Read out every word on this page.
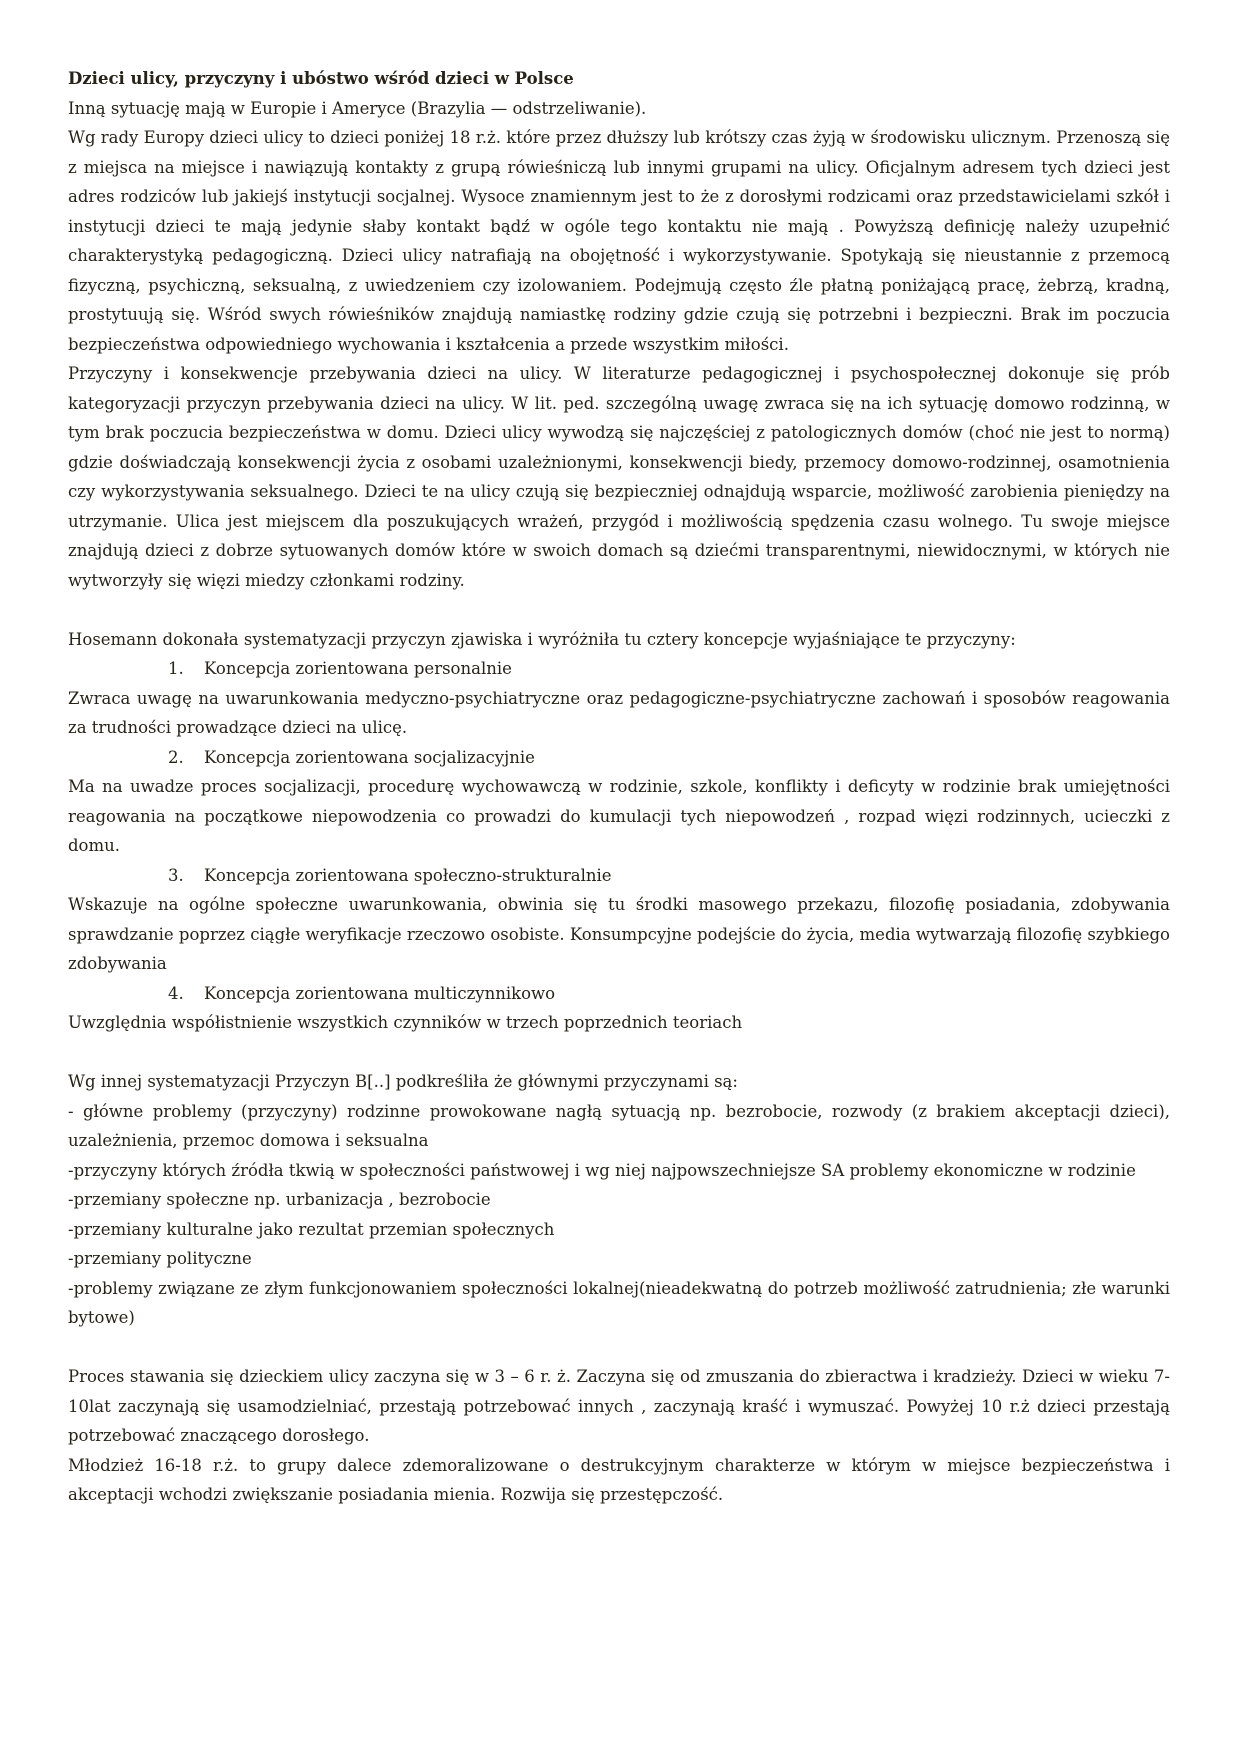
Dzieci ulicy, przyczyny i ubóstwo wśród dzieci w Polsce

Inną sytuację mają w Europie i Ameryce (Brazylia — odstrzeliwanie).

Wg rady Europy dzieci ulicy to dzieci poniżej 18 r.ż. które przez dłuższy lub krótszy czas żyją w środowisku ulicznym. Przenoszą się z miejsca na miejsce i nawiązują kontakty z grupą rówieśniczą lub innymi grupami na ulicy. Oficjalnym adresem tych dzieci jest adres rodziców lub jakiejś instytucji socjalnej. Wysoce znamiennym jest to że z dorosłymi rodzicami oraz przedstawicielami szkół i instytucji dzieci te mają jedynie słaby kontakt bądź w ogóle tego kontaktu nie mają . Powyższą definicję należy uzupełnić charakterystyką pedagogiczną. Dzieci ulicy natrafiają na obojętność i wykorzystywanie. Spotykają się nieustannie z przemocą fizyczną, psychiczną, seksualną, z uwiedzeniem czy izolowaniem. Podejmują często źle płatną poniżającą pracę, żebrzą, kradną, prostytuują się. Wśród swych rówieśników znajdują namiastkę rodziny gdzie czują się potrzebni i bezpieczni. Brak im poczucia bezpieczeństwa odpowiedniego wychowania i kształcenia a przede wszystkim miłości.

Przyczyny i konsekwencje przebywania dzieci na ulicy. W literaturze pedagogicznej i psychospołecznej dokonuje się prób kategoryzacji przyczyn przebywania dzieci na ulicy. W lit. ped. szczególną uwagę zwraca się na ich sytuację domowo rodzinną, w tym brak poczucia bezpieczeństwa w domu. Dzieci ulicy wywodzą się najczęściej z patologicznych domów (choć nie jest to normą) gdzie doświadczają konsekwencji życia z osobami uzależnionymi, konsekwencji biedy, przemocy domowo-rodzinnej, osamotnienia czy wykorzystywania seksualnego. Dzieci te na ulicy czują się bezpieczniej odnajdują wsparcie, możliwość zarobienia pieniędzy na utrzymanie. Ulica jest miejscem dla poszukujących wrażeń, przygód i możliwością spędzenia czasu wolnego. Tu swoje miejsce znajdują dzieci z dobrze sytuowanych domów które w swoich domach są dziećmi transparentnymi, niewidocznymi, w których nie wytworzyły się więzi miedzy członkami rodziny.

Hosemann dokonała systematyzacji przyczyn zjawiska i wyróżniła tu cztery koncepcje wyjaśniające te przyczyny:

1. Koncepcja zorientowana personalnie

Zwraca uwagę na uwarunkowania medyczno-psychiatryczne oraz pedagogiczne-psychiatryczne zachowań i sposobów reagowania za trudności prowadzące dzieci na ulicę.

2. Koncepcja zorientowana socjalizacyjnie

Ma na uwadze proces socjalizacji, procedurę wychowawczą w rodzinie, szkole, konflikty i deficyty w rodzinie brak umiejętności reagowania na początkowe niepowodzenia co prowadzi do kumulacji tych niepowodzeń , rozpad więzi rodzinnych, ucieczki z domu.

3. Koncepcja zorientowana społeczno-strukturalnie

Wskazuje na ogólne społeczne uwarunkowania, obwinia się tu środki masowego przekazu, filozofię posiadania, zdobywania sprawdzanie poprzez ciągłe weryfikacje rzeczowo osobiste. Konsumpcyjne podejście do życia, media wytwarzają filozofię szybkiego zdobywania

4. Koncepcja zorientowana multiczynnikowo

Uwzględnia współistnienie wszystkich czynników w trzech poprzednich teoriach

Wg innej systematyzacji Przyczyn B[..] podkreśliła że głównymi przyczynami są:

- główne problemy (przyczyny) rodzinne prowokowane nagłą sytuacją np. bezrobocie, rozwody (z brakiem akceptacji dzieci), uzależnienia, przemoc domowa i seksualna

-przyczyny których źródła tkwią w społeczności państwowej i wg niej najpowszechniejsze SA problemy ekonomiczne w rodzinie

-przemiany społeczne np. urbanizacja , bezrobocie

-przemiany kulturalne jako rezultat przemian społecznych

-przemiany polityczne

-problemy związane ze złym funkcjonowaniem społeczności lokalnej(nieadekwatną do potrzeb możliwość zatrudnienia; złe warunki bytowe)

Proces stawania się dzieckiem ulicy zaczyna się w 3 – 6 r. ż. Zaczyna się od zmuszania do zbieractwa i kradzieży. Dzieci w wieku 7-10lat zaczynają się usamodzielniać, przestają potrzebować innych , zaczynają kraść i wymuszać. Powyżej 10 r.ż dzieci przestają potrzebować znaczącego dorosłego.

Młodzież 16-18 r.ż. to grupy dalece zdemoralizowane o destrukcyjnym charakterze w którym w miejsce bezpieczeństwa i akceptacji wchodzi zwiększanie posiadania mienia. Rozwija się przestępczość.
